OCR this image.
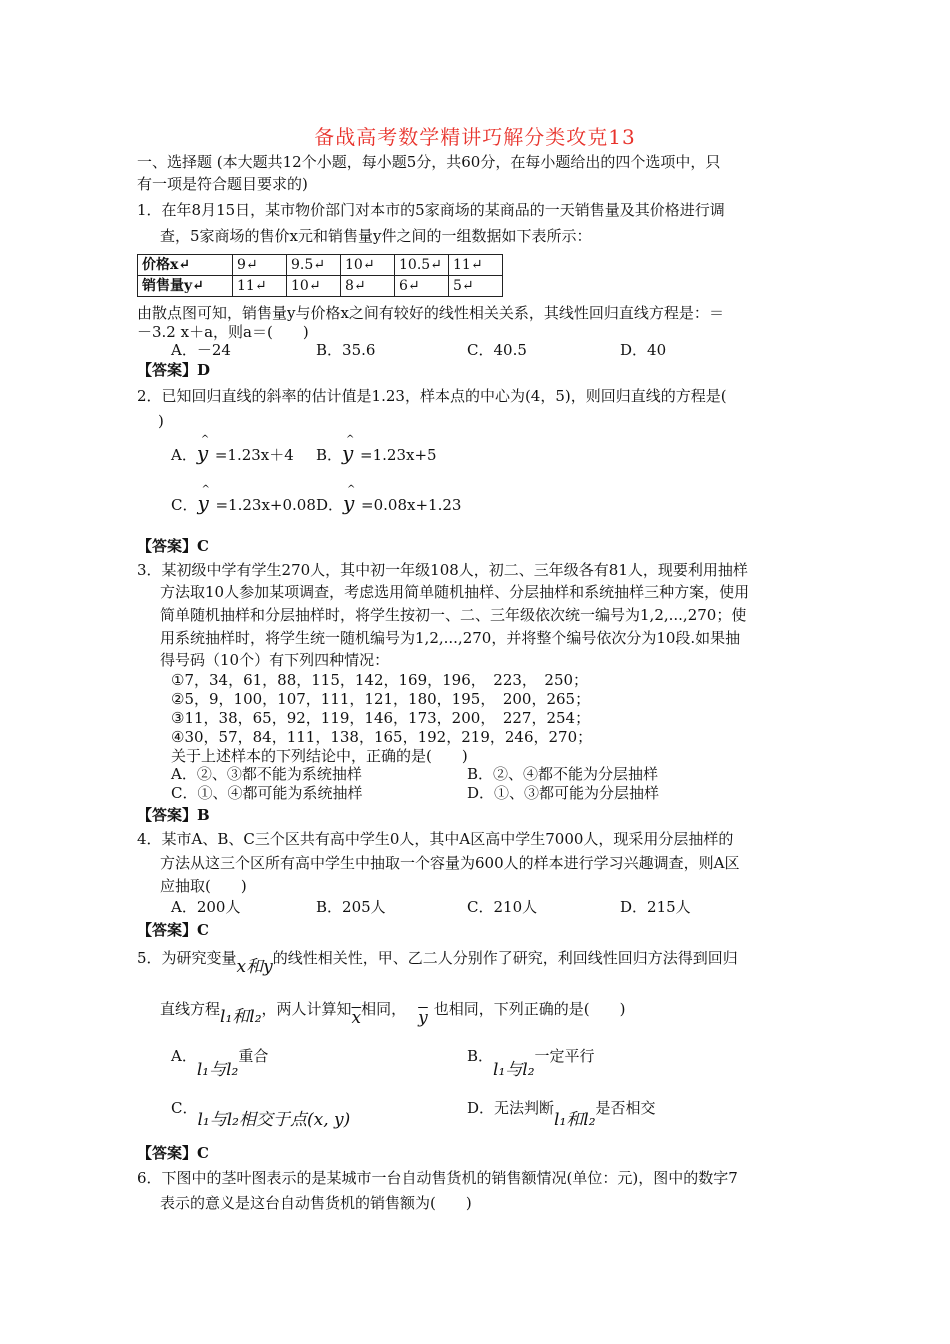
备战高考数学精讲巧解分类攻克13
一、选择题 (本大题共12个小题，每小题5分，共60分，在每小题给出的四个选项中，只
有一项是符合题目要求的)
1．在年8月15日，某市物价部门对本市的5家商场的某商品的一天销售量及其价格进行调
查，5家商场的售价x元和销售量y件之间的一组数据如下表所示：
价格x↵	9↵	9.5↵	10↵	10.5↵	11↵
销售量y↵	11↵	10↵	8↵	6↵	5↵
由散点图可知，销售量y与价格x之间有较好的线性相关关系，其线性回归直线方程是：＝
－3.2 x＋a，则a＝(　　)
A．－24	B．35.6	C．40.5	D．40
【答案】D
2．已知回归直线的斜率的估计值是1.23，样本点的中心为(4，5)，则回归直线的方程是(
)
A．^ y =1.23x＋4 B．^ y =1.23x+5
C．^ y =1.23x+0.08 D．^ y =0.08x+1.23
【答案】C
3．某初级中学有学生270人，其中初一年级108人，初二、三年级各有81人，现要利用抽样
方法取10人参加某项调查，考虑选用简单随机抽样、分层抽样和系统抽样三种方案，使用
简单随机抽样和分层抽样时，将学生按初一、二、三年级依次统一编号为1,2,...,270；使
用系统抽样时，将学生统一随机编号为1,2,...,270，并将整个编号依次分为10段.如果抽
得号码（10个）有下列四种情况：
①7，34，61，88，115，142，169，196，　223，　250；
②5，9，100，107，111，121，180，195，　200，265；
③11，38，65，92，119，146，173，200，　227，254；
④30，57，84，111，138，165，192，219，246，270；
关于上述样本的下列结论中，正确的是(　　)
A．②、③都不能为系统抽样	B．②、④都不能为分层抽样
C．①、④都可能为系统抽样	D．①、③都可能为分层抽样
【答案】B
4．某市A、B、C三个区共有高中学生0人，其中A区高中学生7000人，现采用分层抽样的
方法从这三个区所有高中学生中抽取一个容量为600人的样本进行学习兴趣调查，则A区
应抽取(　　)
A．200人	B．205人	C．210人	D．215人
【答案】C
5．为研究变量x和y的线性相关性，甲、乙二人分别作了研究，利回线性回归方法得到回归
直线方程l₁和l₂，两人计算知$\overline{x}$相同， $\overline{y}$ 也相同，下列正确的是(　　)
A．l₁与l₂重合	B．l₁与l₂一定平行
C．l₁与l₂相交于点(x, y)
D．无法判断l₁和l₂是否相交
【答案】C
6．下图中的茎叶图表示的是某城市一台自动售货机的销售额情况(单位：元)，图中的数字7
表示的意义是这台自动售货机的销售额为(　　)
